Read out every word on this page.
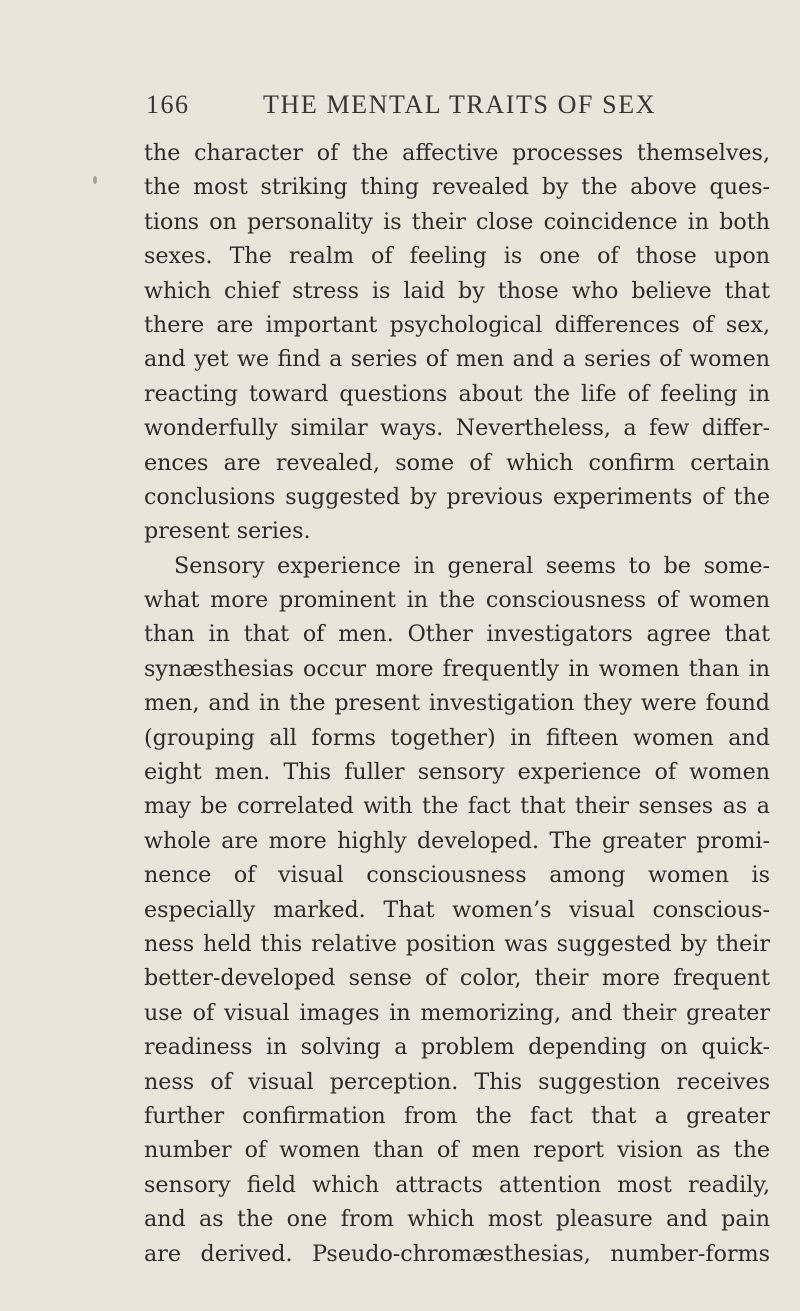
166	THE MENTAL TRAITS OF SEX
the character of the affective processes themselves,
the most striking thing revealed by the above ques-
tions on personality is their close coincidence in both
sexes. The realm of feeling is one of those upon
which chief stress is laid by those who believe that
there are important psychological differences of sex,
and yet we find a series of men and a series of women
reacting toward questions about the life of feeling in
wonderfully similar ways. Nevertheless, a few differ-
ences are revealed, some of which confirm certain
conclusions suggested by previous experiments of the
present series.
Sensory experience in general seems to be some-
what more prominent in the consciousness of women
than in that of men. Other investigators agree that
synæsthesias occur more frequently in women than in
men, and in the present investigation they were found
(grouping all forms together) in fifteen women and
eight men. This fuller sensory experience of women
may be correlated with the fact that their senses as a
whole are more highly developed. The greater promi-
nence of visual consciousness among women is
especially marked. That women’s visual conscious-
ness held this relative position was suggested by their
better-developed sense of color, their more frequent
use of visual images in memorizing, and their greater
readiness in solving a problem depending on quick-
ness of visual perception. This suggestion receives
further confirmation from the fact that a greater
number of women than of men report vision as the
sensory field which attracts attention most readily,
and as the one from which most pleasure and pain
are derived. Pseudo-chromæsthesias, number-forms
